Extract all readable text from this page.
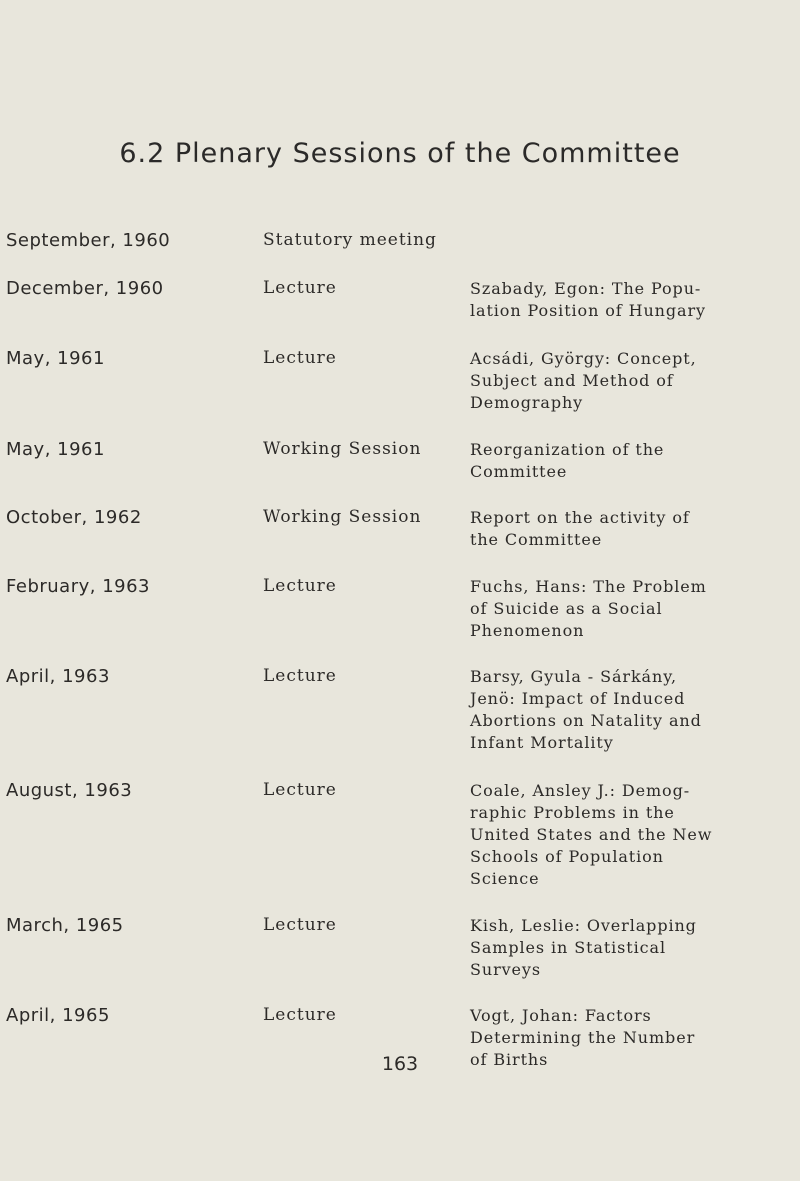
6.2 Plenary Sessions of the Committee
September, 1960	Statutory meeting
December, 1960	Lecture	Szabady, Egon: The Popu-
lation Position of Hungary
May, 1961	Lecture	Acsádi, György: Concept,
Subject and Method of
Demography
May, 1961	Working Session	Reorganization of the
Committee
October, 1962	Working Session	Report on the activity of
the Committee
February, 1963	Lecture	Fuchs, Hans: The Problem
of Suicide as a Social
Phenomenon
April, 1963	Lecture	Barsy, Gyula - Sárkány,
Jenö: Impact of Induced
Abortions on Natality and
Infant Mortality
August, 1963	Lecture	Coale, Ansley J.: Demog-
raphic Problems in the
United States and the New
Schools of Population
Science
March, 1965	Lecture	Kish, Leslie: Overlapping
Samples in Statistical
Surveys
April, 1965	Lecture	Vogt, Johan: Factors
Determining the Number
of Births
163
